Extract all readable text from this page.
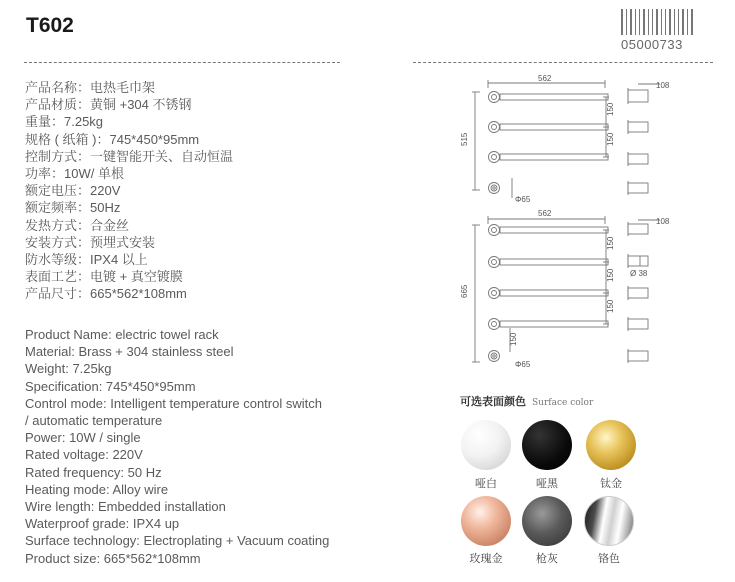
T602
05000733
产品名称：电热毛巾架
产品材质：黄铜 +304 不锈钢
重量：7.25kg
规格 ( 纸箱 )：745*450*95mm
控制方式：一键智能开关、自动恒温
功率：10W/ 单根
额定电压：220V
额定频率：50Hz
发热方式：合金丝
安装方式：预埋式安装
防水等级：IPX4 以上
表面工艺：电镀 + 真空镀膜
产品尺寸：665*562*108mm
Product Name: electric towel rack
Material: Brass + 304 stainless steel
Weight: 7.25kg
Specification: 745*450*95mm
Control mode: Intelligent temperature control switch
/ automatic temperature
Power: 10W / single
Rated voltage: 220V
Rated frequency: 50 Hz
Heating mode: Alloy wire
Wire length: Embedded installation
Waterproof grade: IPX4 up
Surface technology: Electroplating + Vacuum coating
Product size: 665*562*108mm
562
515
150
150
108
Φ65
562
665
150
150
150
150
108
Ø 38
Φ65
可选表面颜色 Surface color
哑白	哑黑	钛金
玫瑰金	枪灰	铬色
